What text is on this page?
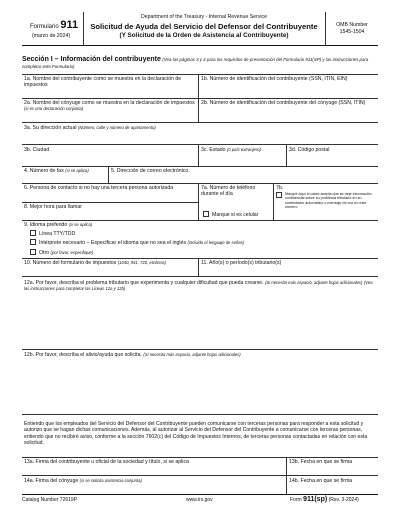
Formulario 911
(marzo de 2024)
Department of the Treasury - Internal Revenue Service
Solicitud de Ayuda del Servicio del Defensor del Contribuyente
(Y Solicitud de la Orden de Asistencia al Contribuyente)
OMB Number
1545-1504
Sección I – Información del contribuyente (Vea las páginas 3 y 4 para los requisitos de presentación del Formulario 911(SP) y las instrucciones para completar este Formulario)
1a. Nombre del contribuyente como se muestra en la declaración de impuestos
1b. Número de identificación del contribuyente (SSN, ITIN, EIN)
2a. Nombre del cónyuge como se muestra en la declaración de impuestos (si es una declaración conjunta)
2b. Número de identificación del contribuyente del cónyuge (SSN, ITIN)
3a. Su dirección actual (Número, calle y número de apartamento)
3b. Ciudad	3c. Estado (o país extranjero)	3d. Código postal
4. Número de fax (si se aplica)	5. Dirección de correo electrónico.
6. Persona de contacto si no hay una tercera persona autorizada	7a. Número de teléfono durante el día
7b.
Marque aquí si usted acepta que se deje información confidencial sobre su problema tributario en su contestador automático o mensaje de voz en este número
8. Mejor hora para llamar
Marque si es celular
9. Idioma preferido (si se aplica)
Línea TTY/TDD
Intérprete necesario – Especificar el idioma que no sea el inglés (incluido el lenguaje de señas)
Otro (por favor, especifique)
10. Número del formulario de impuestos (1040, 941, 720, etcétera)	11. Año(s) o período(s) tributario(s)
12a. Por favor, describa el problema tributario que experimenta y cualquier dificultad que pueda crearse. (Si necesita más espacio, adjunte hojas adicionales) (Vea las instrucciones para completar las Líneas 12a y 12b)
12b. Por favor, describa el alivio/ayuda que solicita. (Si necesita más espacio, adjunte hojas adicionales)
Entiendo que los empleados del Servicio del Defensor del Contribuyente pueden comunicarse con terceras personas para responder a esta solicitud y autorizo que se hagan dichas comunicaciones. Además, al autorizar al Servicio del Defensor del Contribuyente a comunicarse con terceras personas, entiendo que no recibiré aviso, conforme a la sección 7602(c) del Código de Impuestos Internos, de terceras personas contactadas en relación con esta solicitud.
13a. Firma del contribuyente u oficial de la sociedad y título, si se aplica	13b. Fecha en que se firma
14a. Firma del cónyuge (si se solicita asistencia conjunta)	14b. Fecha en que se firma
Catalog Number 72619P	www.irs.gov	Form 911(sp) (Rev. 3-2024)
